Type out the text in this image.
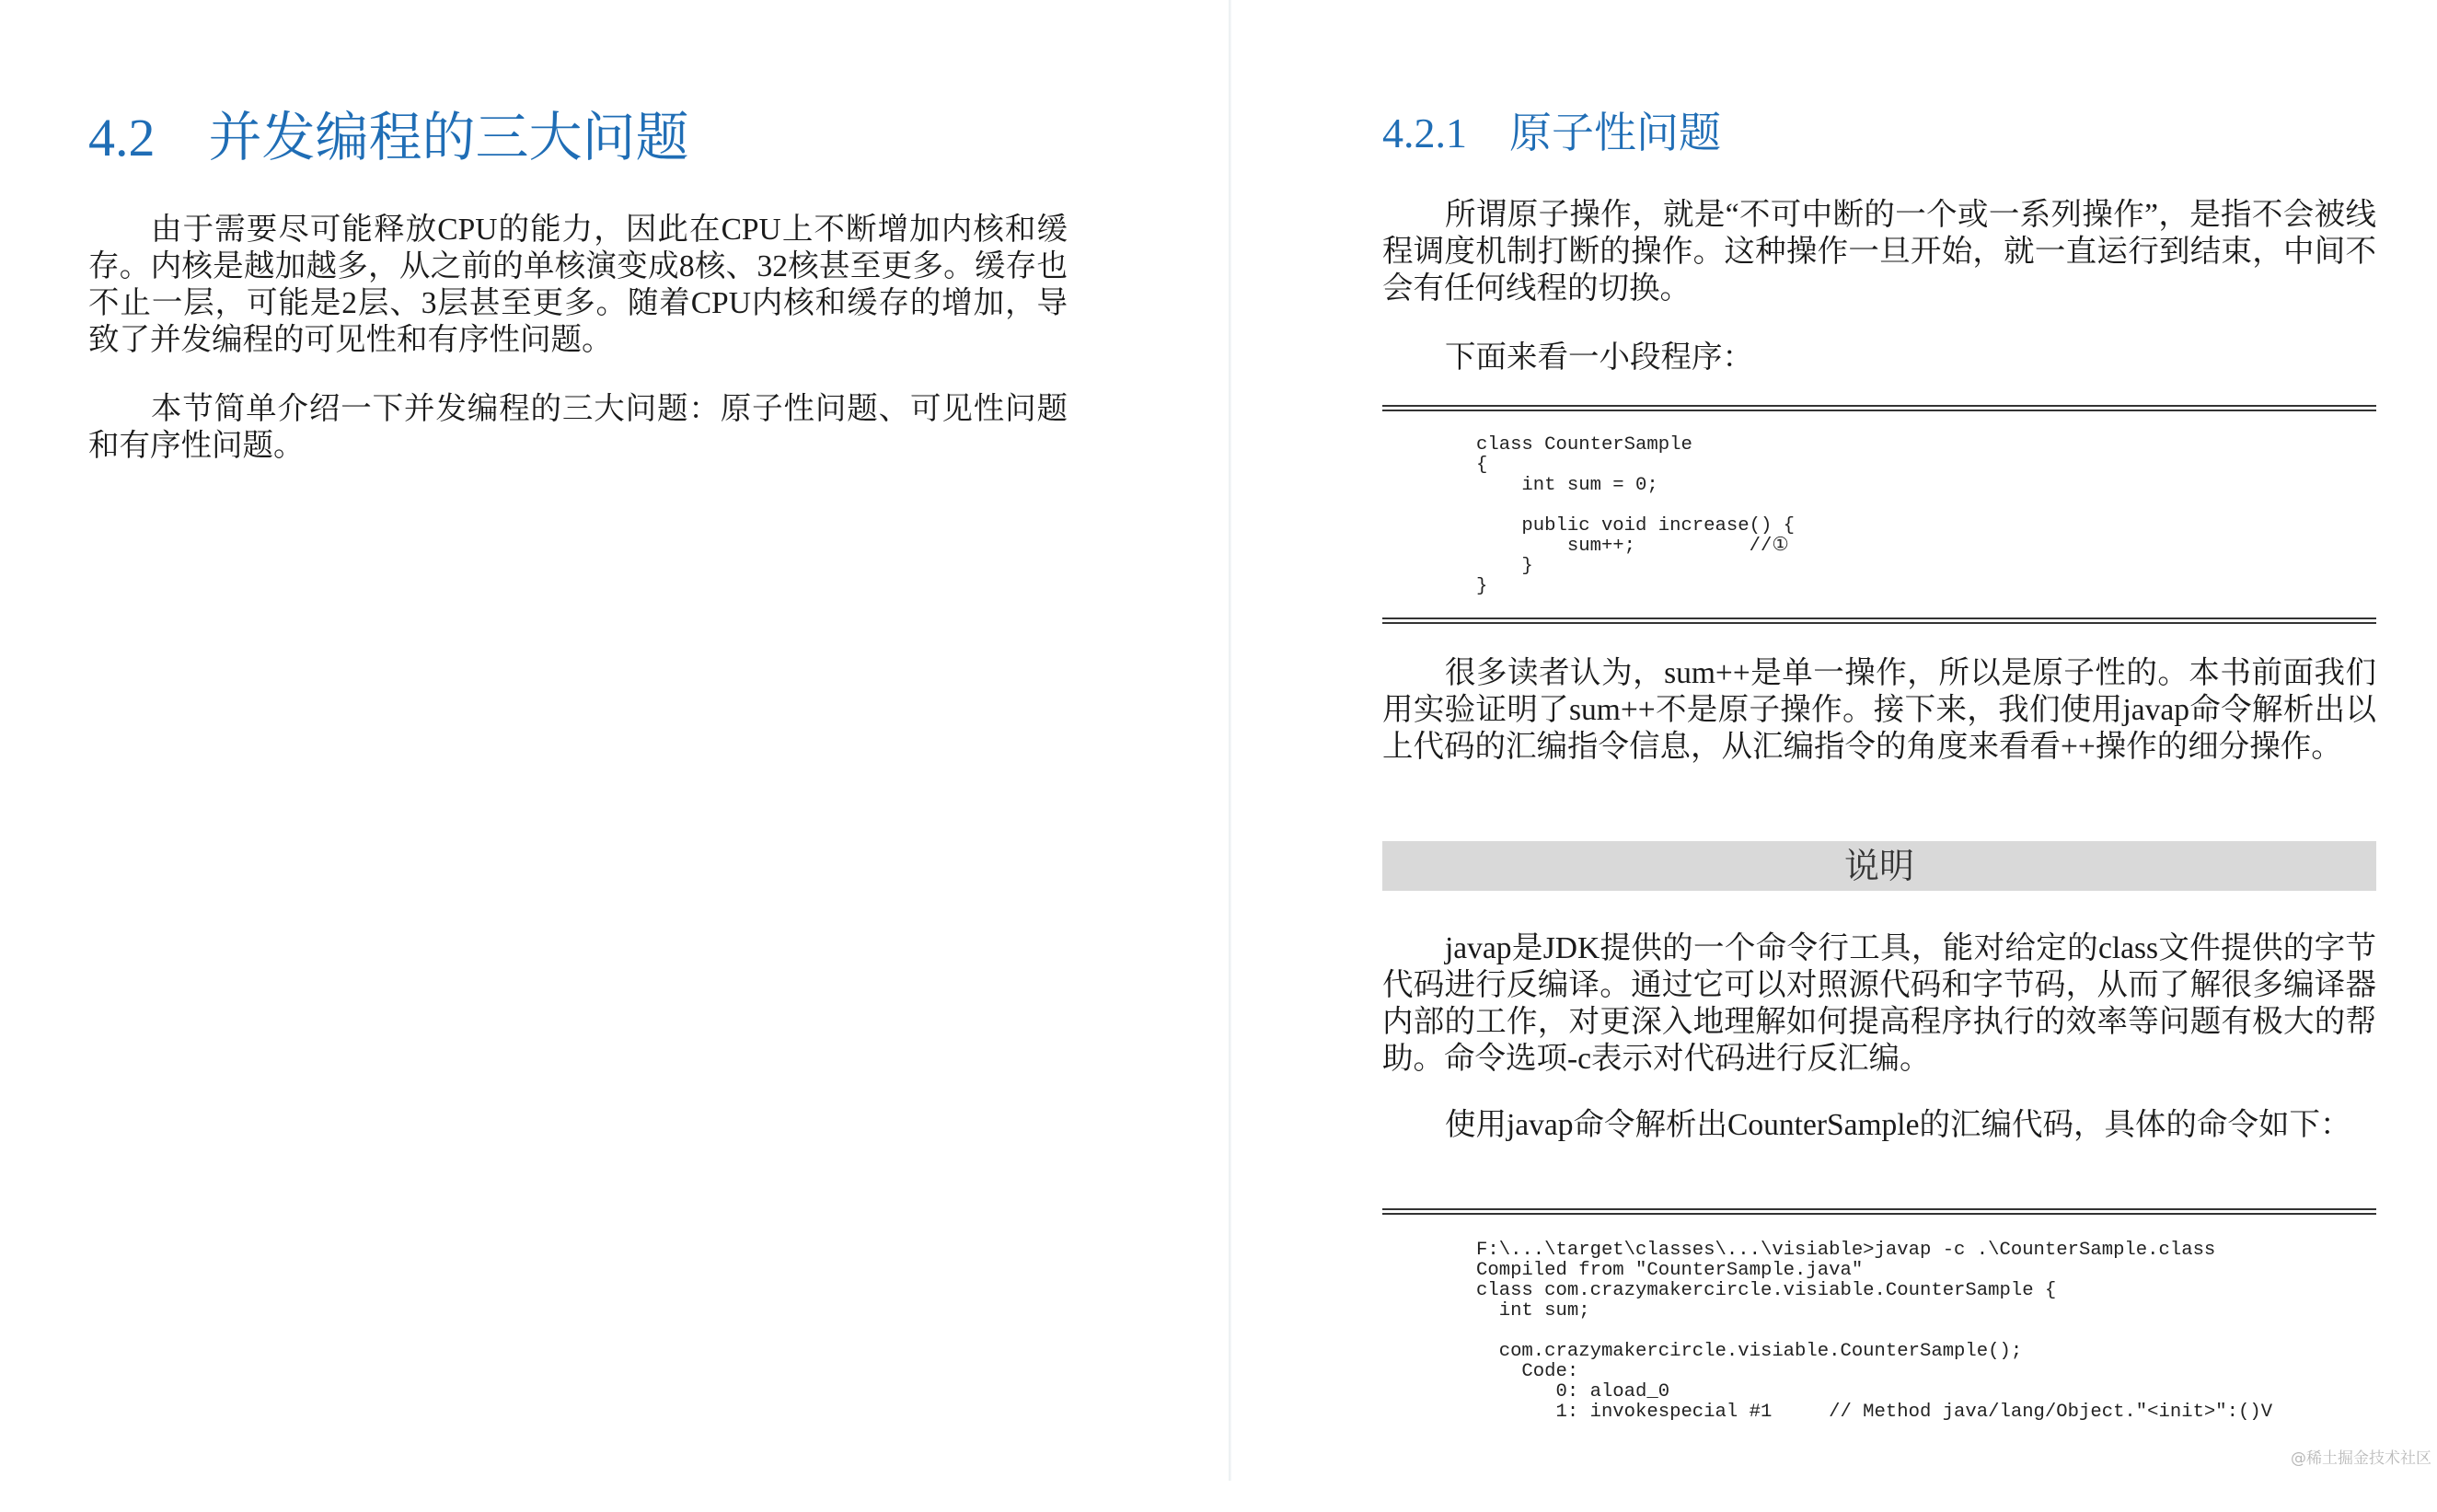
4.2 并发编程的三大问题

由于需要尽可能释放CPU的能力，因此在CPU上不断增加内核和缓存。内核是越加越多，从之前的单核演变成8核、32核甚至更多。缓存也不止一层，可能是2层、3层甚至更多。随着CPU内核和缓存的增加，导致了并发编程的可见性和有序性问题。

本节简单介绍一下并发编程的三大问题：原子性问题、可见性问题和有序性问题。

4.2.1 原子性问题

所谓原子操作，就是“不可中断的一个或一系列操作”，是指不会被线程调度机制打断的操作。这种操作一旦开始，就一直运行到结束，中间不会有任何线程的切换。

下面来看一小段程序：

class CounterSample
{
int sum = 0;

public void increase() {
sum++;          //①
}
}

很多读者认为，sum++是单一操作，所以是原子性的。本书前面我们用实验证明了sum++不是原子操作。接下来，我们使用javap命令解析出以上代码的汇编指令信息，从汇编指令的角度来看看++操作的细分操作。

说明

javap是JDK提供的一个命令行工具，能对给定的class文件提供的字节代码进行反编译。通过它可以对照源代码和字节码，从而了解很多编译器内部的工作，对更深入地理解如何提高程序执行的效率等问题有极大的帮助。命令选项-c表示对代码进行反汇编。

使用javap命令解析出CounterSample的汇编代码，具体的命令如下：

F:\...\target\classes\...\visiable>javap -c .\CounterSample.class
Compiled from "CounterSample.java"
class com.crazymakercircle.visiable.CounterSample {
int sum;

com.crazymakercircle.visiable.CounterSample();
Code:
0: aload_0
1: invokespecial #1     // Method java/lang/Object."<init>":()V
@稀土掘金技术社区
